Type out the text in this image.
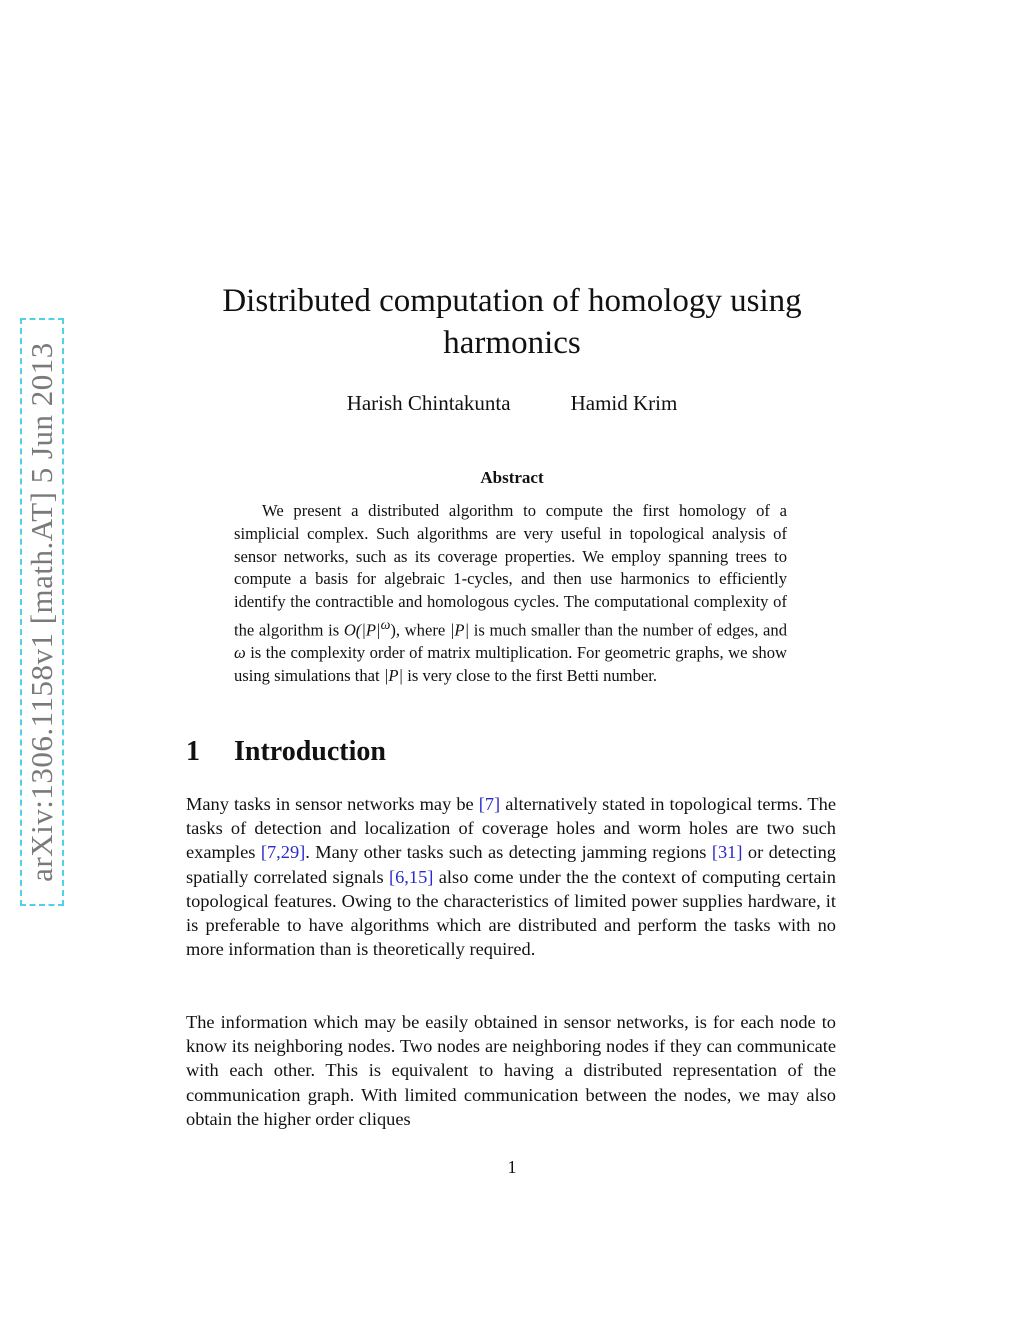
arXiv:1306.1158v1 [math.AT] 5 Jun 2013
Distributed computation of homology using harmonics
Harish Chintakunta	Hamid Krim
Abstract

We present a distributed algorithm to compute the first homology of a simplicial complex. Such algorithms are very useful in topological analysis of sensor networks, such as its coverage properties. We employ spanning trees to compute a basis for algebraic 1-cycles, and then use harmonics to efficiently identify the contractible and homologous cycles. The computational complexity of the algorithm is $O(|P|^\omega)$, where |P| is much smaller than the number of edges, and ω is the complexity order of matrix multiplication. For geometric graphs, we show using simulations that |P| is very close to the first Betti number.

1 Introduction

Many tasks in sensor networks may be [7] alternatively stated in topological terms. The tasks of detection and localization of coverage holes and worm holes are two such examples [7,29]. Many other tasks such as detecting jamming regions [31] or detecting spatially correlated signals [6,15] also come under the the context of computing certain topological features. Owing to the characteristics of limited power supplies hardware, it is preferable to have algorithms which are distributed and perform the tasks with no more information than is theoretically required.

The information which may be easily obtained in sensor networks, is for each node to know its neighboring nodes. Two nodes are neighboring nodes if they can communicate with each other. This is equivalent to having a distributed representation of the communication graph. With limited communication between the nodes, we may also obtain the higher order cliques

1
